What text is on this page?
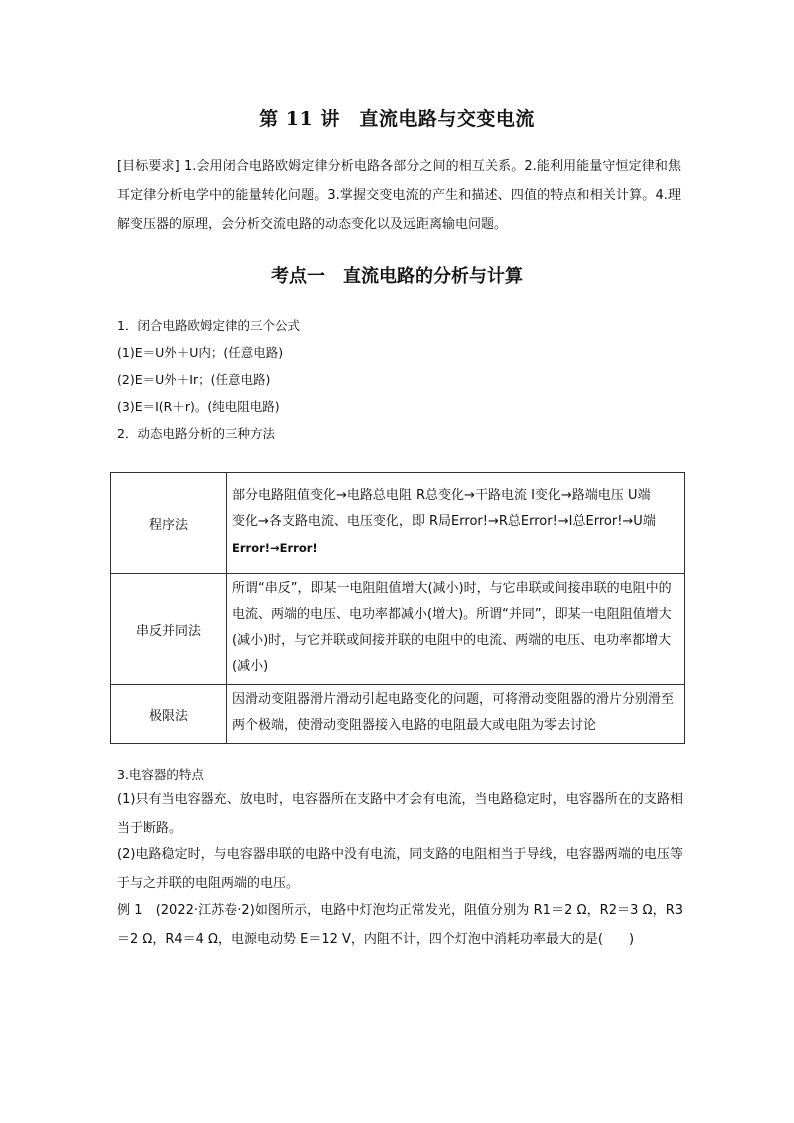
第 11 讲　直流电路与交变电流
[目标要求] 1.会用闭合电路欧姆定律分析电路各部分之间的相互关系。2.能利用能量守恒定律和焦耳定律分析电学中的能量转化问题。3.掌握交变电流的产生和描述、四值的特点和相关计算。4.理解变压器的原理，会分析交流电路的动态变化以及远距离输电问题。
考点一　直流电路的分析与计算
1．闭合电路欧姆定律的三个公式
(1)E＝U外＋U内；(任意电路)
(2)E＝U外＋Ir；(任意电路)
(3)E＝I(R＋r)。(纯电阻电路)
2．动态电路分析的三种方法
程序法	部分电路阻值变化→电路总电阻 R总变化→干路电流 I变化→路端电压 U端
变化→各支路电流、电压变化，即 R局Error!→R总Error!→I总Error!→U端
Error!→Error!

串反并同法	所谓“串反”，即某一电阻阻值增大(减小)时，与它串联或间接串联的电阻中的电流、两端的电压、电功率都减小(增大)。所谓“并同”，即某一电阻阻值增大(减小)时，与它并联或间接并联的电阻中的电流、两端的电压、电功率都增大(减小)
极限法	因滑动变阻器滑片滑动引起电路变化的问题，可将滑动变阻器的滑片分别滑至两个极端，使滑动变阻器接入电路的电阻最大或电阻为零去讨论
3.电容器的特点
(1)只有当电容器充、放电时，电容器所在支路中才会有电流，当电路稳定时，电容器所在的支路相当于断路。
(2)电路稳定时，与电容器串联的电路中没有电流，同支路的电阻相当于导线，电容器两端的电压等于与之并联的电阻两端的电压。
例 1　(2022·江苏卷·2)如图所示，电路中灯泡均正常发光，阻值分别为 R1＝2 Ω，R2＝3 Ω，R3＝2 Ω，R4＝4 Ω，电源电动势 E＝12 V，内阻不计，四个灯泡中消耗功率最大的是(　　)
